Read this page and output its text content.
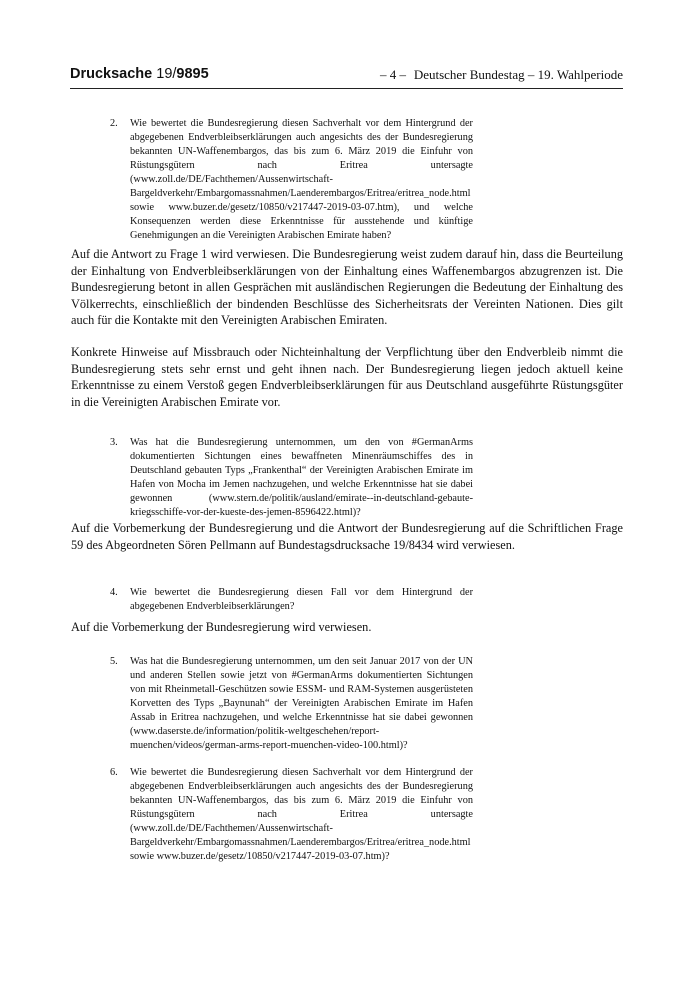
Drucksache 19/9895	– 4 – Deutscher Bundestag – 19. Wahlperiode
2. Wie bewertet die Bundesregierung diesen Sachverhalt vor dem Hintergrund der abgegebenen Endverbleibserklärungen auch angesichts des der Bundesregierung bekannten UN-Waffenembargos, das bis zum 6. März 2019 die Einfuhr von Rüstungsgütern nach Eritrea untersagte (www.zoll.de/DE/Fachthemen/Aussenwirtschaft-Bargeldverkehr/Embargomassnahmen/Laenderembargos/Eritrea/eritrea_node.html sowie www.buzer.de/gesetz/10850/v217447-2019-03-07.htm), und welche Konsequenzen werden diese Erkenntnisse für ausstehende und künftige Genehmigungen an die Vereinigten Arabischen Emirate haben?
Auf die Antwort zu Frage 1 wird verwiesen. Die Bundesregierung weist zudem darauf hin, dass die Beurteilung der Einhaltung von Endverbleibserklärungen von der Einhaltung eines Waffenembargos abzugrenzen ist. Die Bundesregierung betont in allen Gesprächen mit ausländischen Regierungen die Bedeutung der Einhaltung des Völkerrechts, einschließlich der bindenden Beschlüsse des Sicherheitsrats der Vereinten Nationen. Dies gilt auch für die Kontakte mit den Vereinigten Arabischen Emiraten.
Konkrete Hinweise auf Missbrauch oder Nichteinhaltung der Verpflichtung über den Endverbleib nimmt die Bundesregierung stets sehr ernst und geht ihnen nach. Der Bundesregierung liegen jedoch aktuell keine Erkenntnisse zu einem Verstoß gegen Endverbleibserklärungen für aus Deutschland ausgeführte Rüstungsgüter in die Vereinigten Arabischen Emirate vor.
3. Was hat die Bundesregierung unternommen, um den von #GermanArms dokumentierten Sichtungen eines bewaffneten Minenräumschiffes des in Deutschland gebauten Typs „Frankenthal“ der Vereinigten Arabischen Emirate im Hafen von Mocha im Jemen nachzugehen, und welche Erkenntnisse hat sie dabei gewonnen (www.stern.de/politik/ausland/emirate--in-deutschland-gebaute-kriegsschiffe-vor-der-kueste-des-jemen-8596422.html)?
Auf die Vorbemerkung der Bundesregierung und die Antwort der Bundesregierung auf die Schriftlichen Frage 59 des Abgeordneten Sören Pellmann auf Bundestagsdrucksache 19/8434 wird verwiesen.
4. Wie bewertet die Bundesregierung diesen Fall vor dem Hintergrund der abgegebenen Endverbleibserklärungen?
Auf die Vorbemerkung der Bundesregierung wird verwiesen.
5. Was hat die Bundesregierung unternommen, um den seit Januar 2017 von der UN und anderen Stellen sowie jetzt von #GermanArms dokumentierten Sichtungen von mit Rheinmetall-Geschützen sowie ESSM- und RAM-Systemen ausgerüsteten Korvetten des Typs „Baynunah“ der Vereinigten Arabischen Emirate im Hafen Assab in Eritrea nachzugehen, und welche Erkenntnisse hat sie dabei gewonnen (www.daserste.de/information/politik-weltgeschehen/report-muenchen/videos/german-arms-report-muenchen-video-100.html)?
6. Wie bewertet die Bundesregierung diesen Sachverhalt vor dem Hintergrund der abgegebenen Endverbleibserklärungen auch angesichts des der Bundesregierung bekannten UN-Waffenembargos, das bis zum 6. März 2019 die Einfuhr von Rüstungsgütern nach Eritrea untersagte (www.zoll.de/DE/Fachthemen/Aussenwirtschaft-Bargeldverkehr/Embargomassnahmen/Laenderembargos/Eritrea/eritrea_node.html sowie www.buzer.de/gesetz/10850/v217447-2019-03-07.htm)?
